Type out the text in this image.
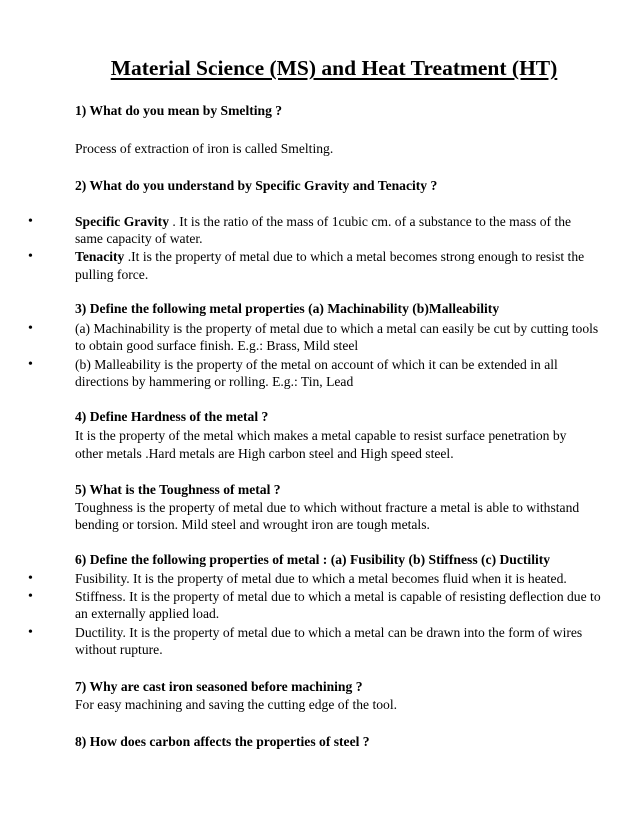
Material Science (MS) and Heat Treatment (HT)
1) What do you mean by Smelting ?
Process of extraction of iron is called Smelting.
2) What do you understand by Specific Gravity and Tenacity ?
•	Specific Gravity . It is the ratio of the mass of 1cubic cm. of a substance to the mass of the
same capacity of water.
•	Tenacity .It is the property of metal due to which a metal becomes strong enough to resist the
pulling force.
3) Define the following metal properties (a) Machinability (b)Malleability
•	(a) Machinability is the property of metal due to which a metal can easily be cut by cutting tools
to obtain good surface finish. E.g.: Brass, Mild steel
•	(b) Malleability is the property of the metal on account of which it can be extended in all
directions by hammering or rolling. E.g.: Tin, Lead
4) Define Hardness of the metal ?
It is the property of the metal which makes a metal capable to resist surface penetration by
other metals .Hard metals are High carbon steel and High speed steel.
5) What is the Toughness of metal ?
Toughness is the property of metal due to which without fracture a metal is able to withstand
bending or torsion. Mild steel and wrought iron are tough metals.
6) Define the following properties of metal : (a) Fusibility (b) Stiffness (c) Ductility
•	Fusibility. It is the property of metal due to which a metal becomes fluid when it is heated.
•	Stiffness. It is the property of metal due to which a metal is capable of resisting deflection due to
an externally applied load.
•	Ductility. It is the property of metal due to which a metal can be drawn into the form of wires
without rupture.
7) Why are cast iron seasoned before machining ?
For easy machining and saving the cutting edge of the tool.
8) How does carbon affects the properties of steel ?
